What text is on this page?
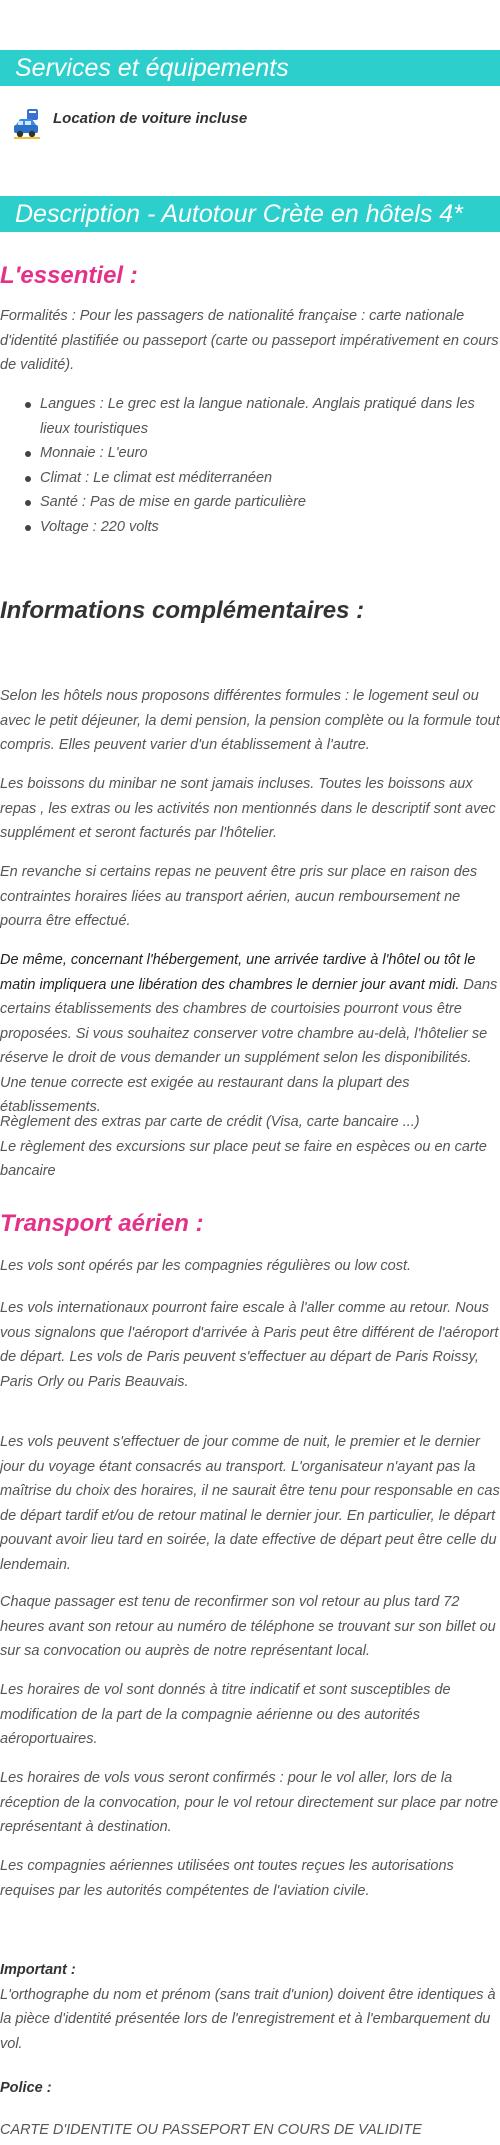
Services et équipements
Location de voiture incluse
Description - Autotour Crète en hôtels 4*
L'essentiel :
Formalités : Pour les passagers de nationalité française : carte nationale d'identité plastifiée ou passeport (carte ou passeport impérativement en cours de validité).
Langues : Le grec est la langue nationale. Anglais pratiqué dans les lieux touristiques
Monnaie : L'euro
Climat : Le climat est méditerranéen
Santé : Pas de mise en garde particulière
Voltage : 220 volts
Informations complémentaires :
Selon les hôtels nous proposons différentes formules : le logement seul ou avec le petit déjeuner, la demi pension, la pension complète ou la formule tout compris. Elles peuvent varier d'un établissement à l'autre.
Les boissons du minibar ne sont jamais incluses. Toutes les boissons aux repas , les extras ou les activités non mentionnés dans le descriptif sont avec supplément et seront facturés par l'hôtelier.
En revanche si certains repas ne peuvent être pris sur place en raison des contraintes horaires liées au transport aérien, aucun remboursement ne pourra être effectué.
De même, concernant l'hébergement, une arrivée tardive à l'hôtel ou tôt le matin impliquera une libération des chambres le dernier jour avant midi. Dans certains établissements des chambres de courtoisies pourront vous être proposées. Si vous souhaitez conserver votre chambre au-delà, l'hôtelier se réserve le droit de vous demander un supplément selon les disponibilités.
Une tenue correcte est exigée au restaurant dans la plupart des établissements.
Règlement des extras par carte de crédit (Visa, carte bancaire ...)
Le règlement des excursions sur place peut se faire en espèces ou en carte bancaire
Transport aérien :
Les vols sont opérés par les compagnies régulières ou low cost.
Les vols internationaux pourront faire escale à l'aller comme au retour. Nous vous signalons que l'aéroport d'arrivée à Paris peut être différent de l'aéroport de départ. Les vols de Paris peuvent s'effectuer au départ de Paris Roissy, Paris Orly ou Paris Beauvais.
Les vols peuvent s'effectuer de jour comme de nuit, le premier et le dernier jour du voyage étant consacrés au transport. L'organisateur n'ayant pas la maîtrise du choix des horaires, il ne saurait être tenu pour responsable en cas de départ tardif et/ou de retour matinal le dernier jour. En particulier, le départ pouvant avoir lieu tard en soirée, la date effective de départ peut être celle du lendemain.
Chaque passager est tenu de reconfirmer son vol retour au plus tard 72 heures avant son retour au numéro de téléphone se trouvant sur son billet ou sur sa convocation ou auprès de notre représentant local.
Les horaires de vol sont donnés à titre indicatif et sont susceptibles de modification de la part de la compagnie aérienne ou des autorités aéroportuaires.
Les horaires de vols vous seront confirmés : pour le vol aller, lors de la réception de la convocation, pour le vol retour directement sur place par notre représentant à destination.
Les compagnies aériennes utilisées ont toutes reçues les autorisations requises par les autorités compétentes de l'aviation civile.
Important :
L'orthographe du nom et prénom (sans trait d'union) doivent être identiques à la pièce d'identité présentée lors de l'enregistrement et à l'embarquement du vol.
Police :
CARTE D'IDENTITE OU PASSEPORT EN COURS DE VALIDITE
